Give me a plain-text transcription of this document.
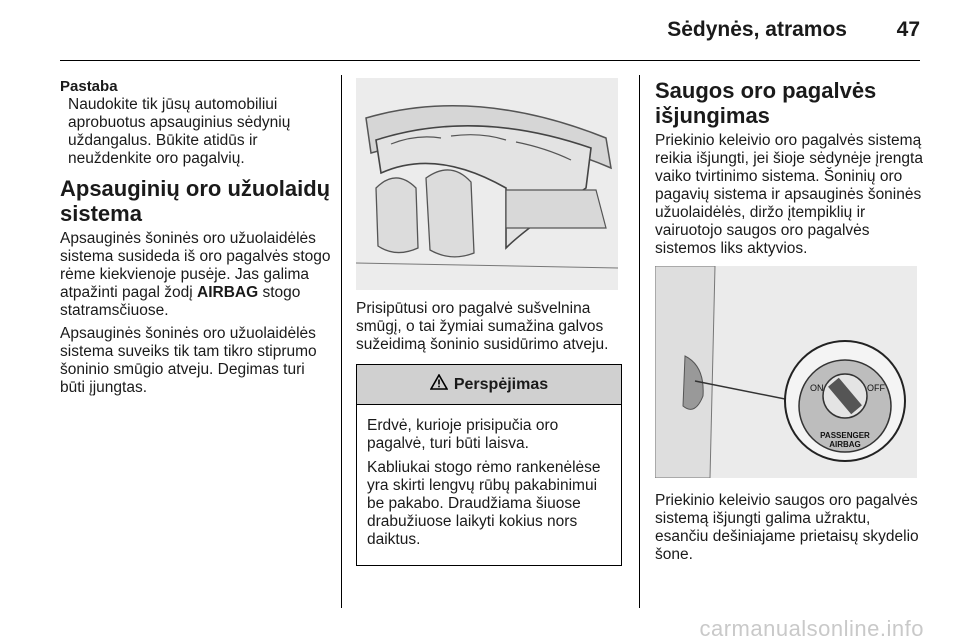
Sėdynės, atramos 47
Pastaba
Naudokite tik jūsų automobiliui aprobuotus apsauginius sėdynių uždangalus. Būkite atidūs ir neuždenkite oro pagalvių.
Apsauginių oro užuolaidų sistema

Apsauginės šoninės oro užuolaidėlės sistema susideda iš oro pagalvės stogo rėme kiekvienoje pusėje. Jas galima atpažinti pagal žodį AIRBAG stogo statramsčiuose.

Apsauginės šoninės oro užuolaidėlės sistema suveiks tik tam tikro stiprumo šoninio smūgio atveju. Degimas turi būti įjungtas.

Prisipūtusi oro pagalvė sušvelnina smūgį, o tai žymiai sumažina galvos sužeidimą šoninio susidūrimo atveju.

Perspėjimas

Erdvė, kurioje prisipučia oro pagalvė, turi būti laisva.

Kabliukai stogo rėmo rankenėlėse yra skirti lengvų rūbų pakabinimui be pakabo. Draudžiama šiuose drabužiuose laikyti kokius nors daiktus.

Saugos oro pagalvės išjungimas

Priekinio keleivio oro pagalvės sistemą reikia išjungti, jei šioje sėdynėje įrengta vaiko tvirtinimo sistema. Šoninių oro pagavių sistema ir apsauginės šoninės užuolaidėlės, diržo įtempiklių ir vairuotojo saugos oro pagalvės sistemos liks aktyvios.

ON	OFF
PASSENGER
AIRBAG

Priekinio keleivio saugos oro pagalvės sistemą išjungti galima užraktu, esančiu dešiniajame prietaisų skydelio šone.

carmanualsonline.info
